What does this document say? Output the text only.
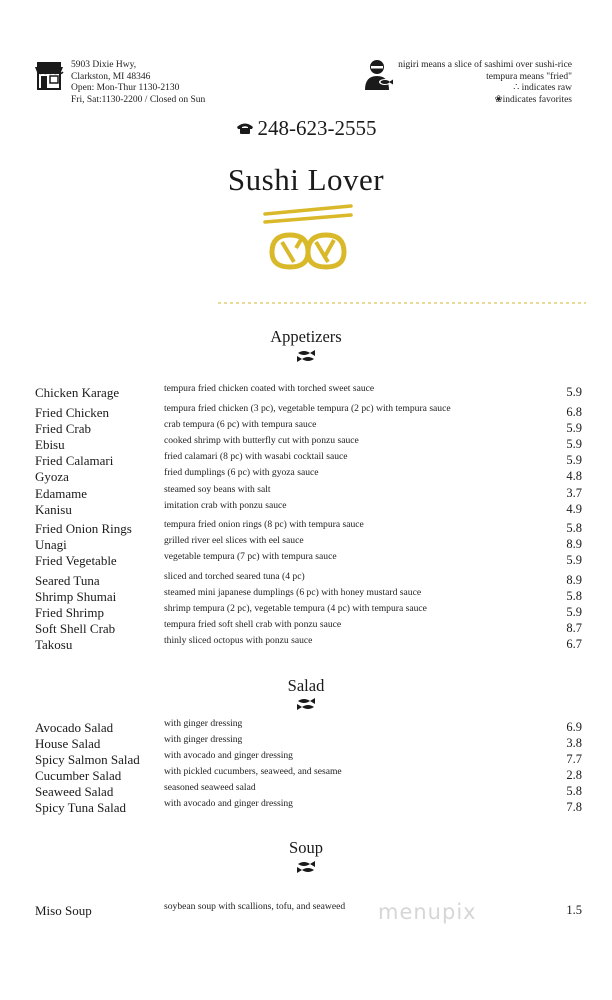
5903 Dixie Hwy,
Clarkston, MI 48346
Open: Mon-Thur 1130-2130
Fri, Sat:1130-2200 / Closed on Sun
nigiri means a slice of sashimi over sushi-rice
tempura means "fried"
∴ indicates raw
❀indicates favorites
248-623-2555
Sushi Lover
Appetizers
Chicken Karage	tempura fried chicken coated with torched sweet sauce	5.9
Fried Chicken	tempura fried chicken (3 pc), vegetable tempura (2 pc) with tempura sauce	6.8
Fried Crab	crab tempura (6 pc) with tempura sauce	5.9
Ebisu	cooked shrimp with butterfly cut with ponzu sauce	5.9
Fried Calamari	fried calamari (8 pc) with wasabi cocktail sauce	5.9
Gyoza	fried dumplings (6 pc) with gyoza sauce	4.8
Edamame	steamed soy beans with salt	3.7
Kanisu	imitation crab with ponzu sauce	4.9
Fried Onion Rings	tempura fried onion rings (8 pc) with tempura sauce	5.8
Unagi	grilled river eel slices with eel sauce	8.9
Fried Vegetable	vegetable tempura (7 pc) with tempura sauce	5.9
Seared Tuna	sliced and torched seared tuna (4 pc)	8.9
Shrimp Shumai	steamed mini japanese dumplings (6 pc) with honey mustard sauce	5.8
Fried Shrimp	shrimp tempura (2 pc), vegetable tempura (4 pc) with tempura sauce	5.9
Soft Shell Crab	tempura fried soft shell crab with ponzu sauce	8.7
Takosu	thinly sliced octopus with ponzu sauce	6.7
Salad
Avocado Salad	with ginger dressing	6.9
House Salad	with ginger dressing	3.8
Spicy Salmon Salad	with avocado and ginger dressing	7.7
Cucumber Salad	with pickled cucumbers, seaweed, and sesame	2.8
Seaweed Salad	seasoned seaweed salad	5.8
Spicy Tuna Salad	with avocado and ginger dressing	7.8
Soup
Miso Soup	soybean soup with scallions, tofu, and seaweed	1.5
menupix
